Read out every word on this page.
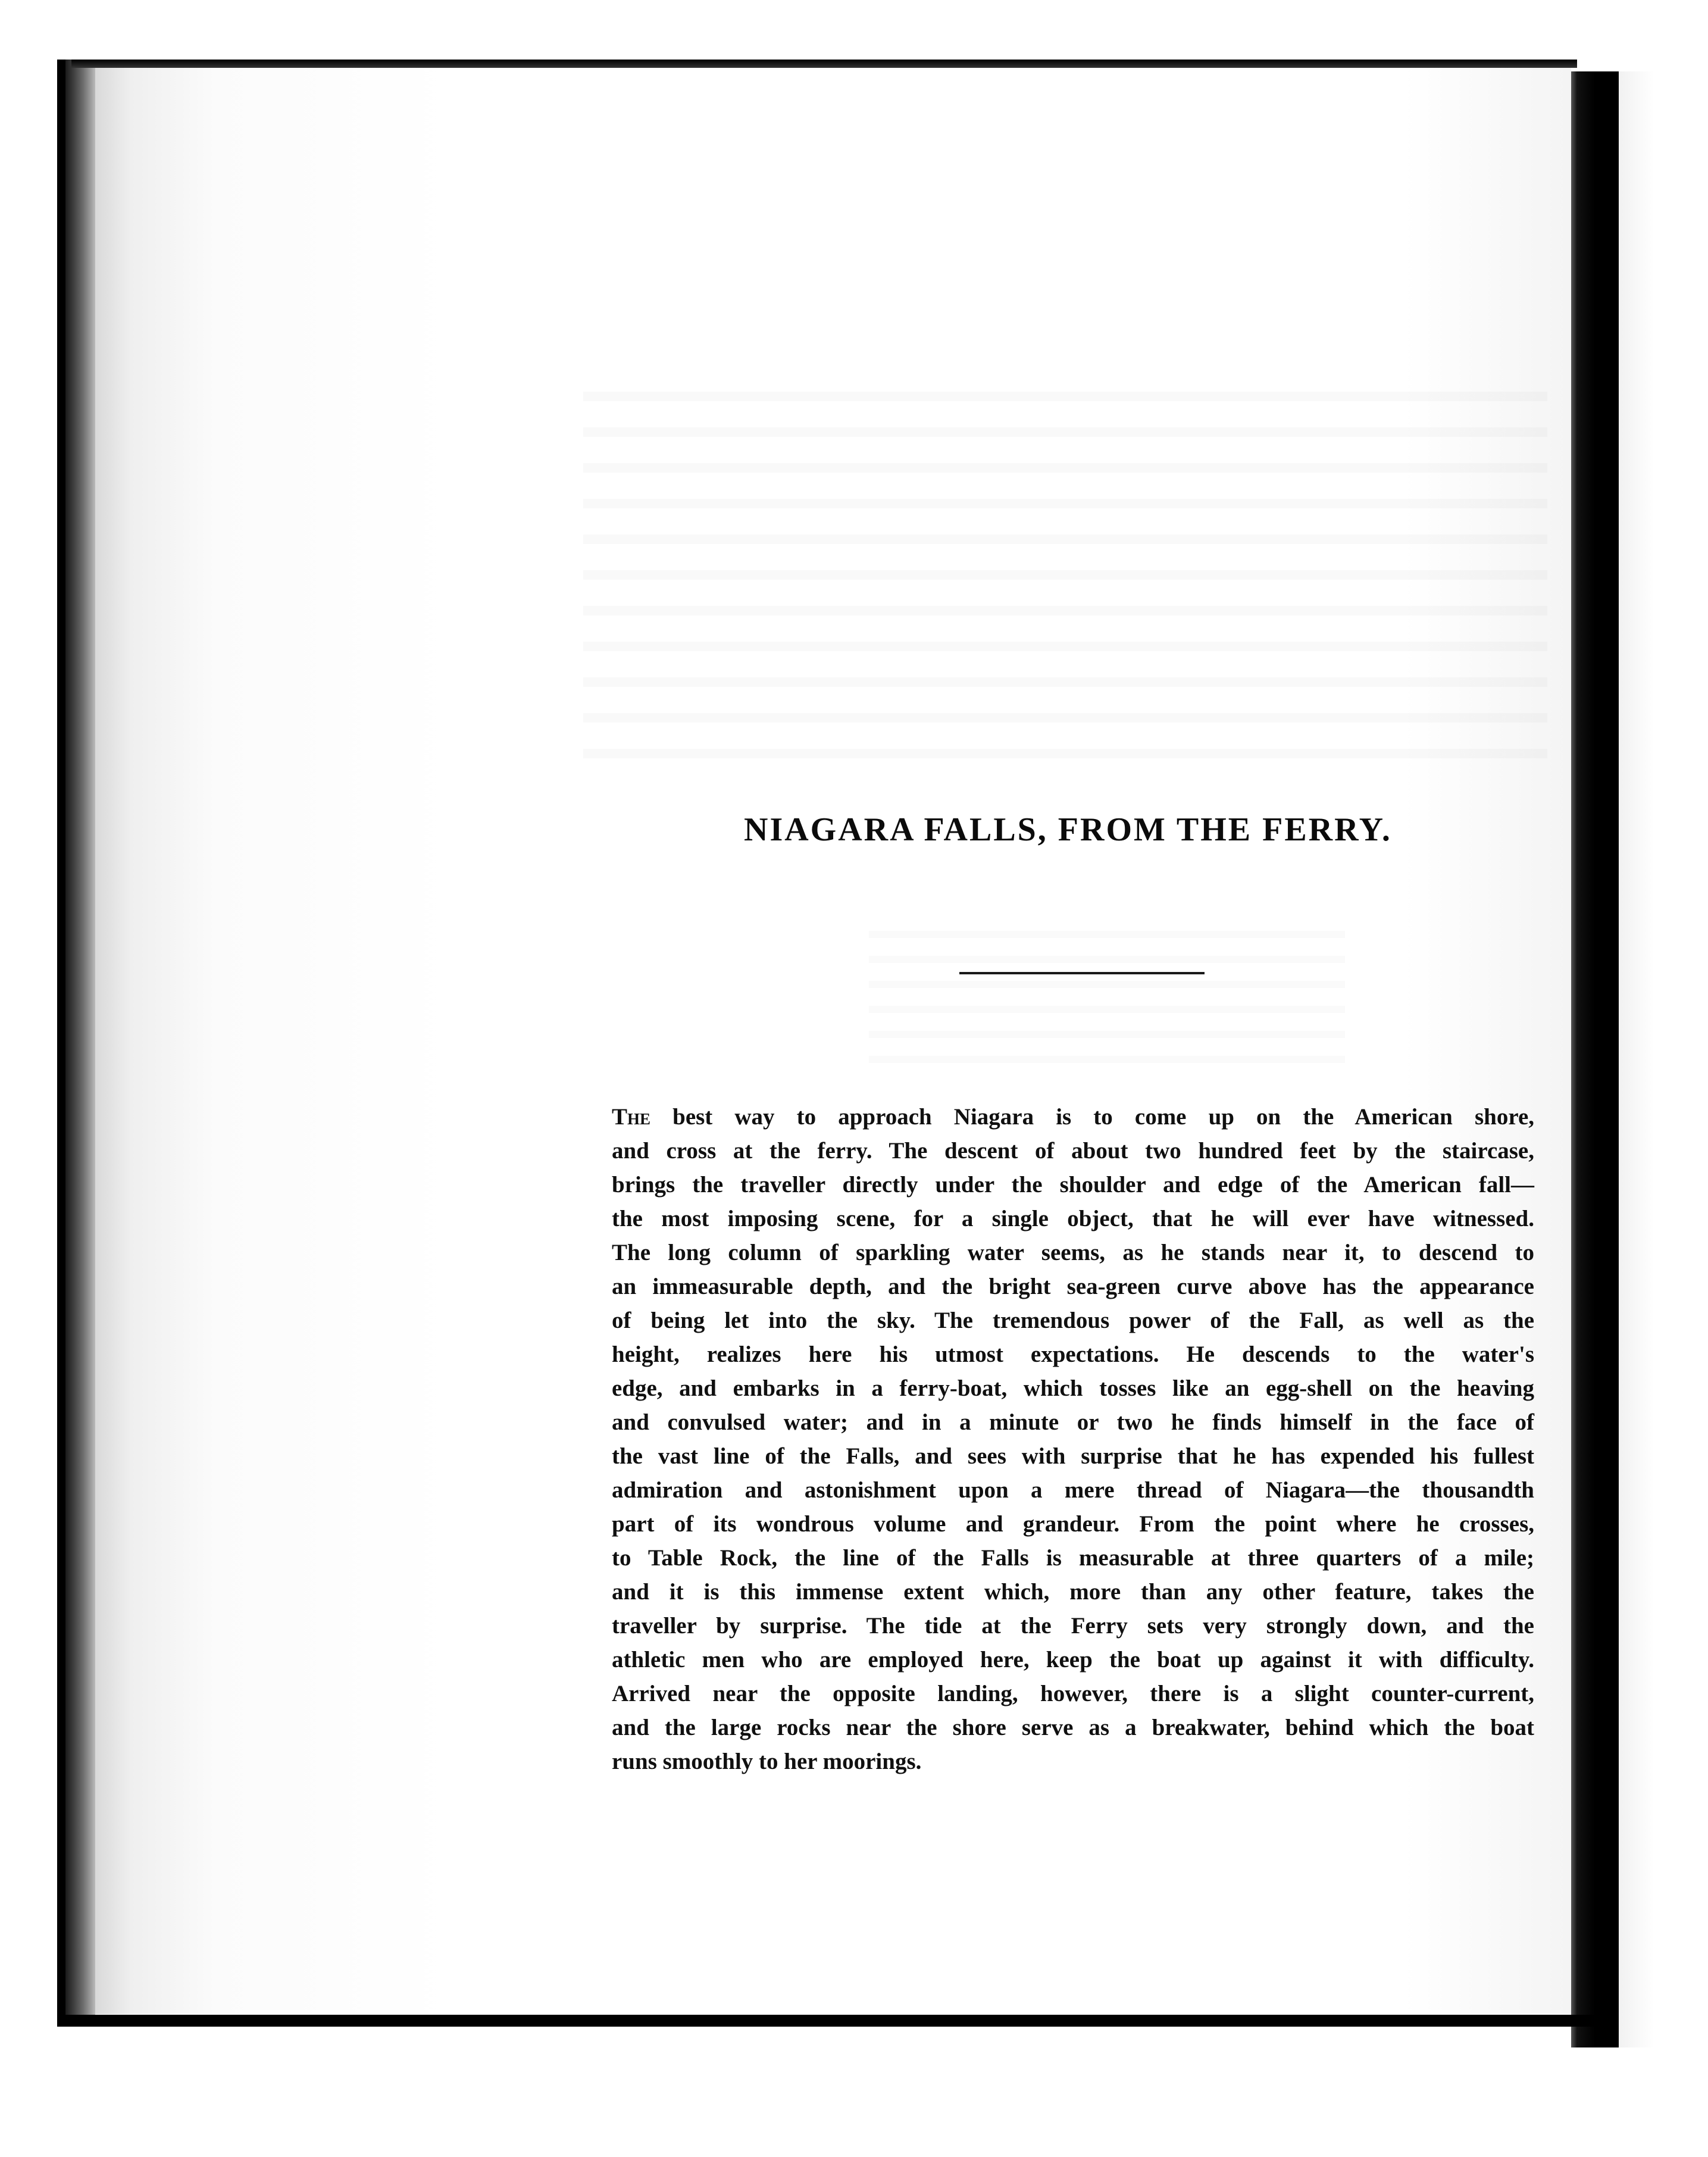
NIAGARA FALLS, FROM THE FERRY.

The best way to approach Niagara is to come up on the American shore,
and cross at the ferry. The descent of about two hundred feet by the staircase,
brings the traveller directly under the shoulder and edge of the American fall—
the most imposing scene, for a single object, that he will ever have witnessed.
The long column of sparkling water seems, as he stands near it, to descend to
an immeasurable depth, and the bright sea-green curve above has the appearance
of being let into the sky. The tremendous power of the Fall, as well as the
height, realizes here his utmost expectations. He descends to the water's
edge, and embarks in a ferry-boat, which tosses like an egg-shell on the heaving
and convulsed water; and in a minute or two he finds himself in the face of
the vast line of the Falls, and sees with surprise that he has expended his fullest
admiration and astonishment upon a mere thread of Niagara—the thousandth
part of its wondrous volume and grandeur. From the point where he crosses,
to Table Rock, the line of the Falls is measurable at three quarters of a mile;
and it is this immense extent which, more than any other feature, takes the
traveller by surprise. The tide at the Ferry sets very strongly down, and the
athletic men who are employed here, keep the boat up against it with difficulty.
Arrived near the opposite landing, however, there is a slight counter-current,
and the large rocks near the shore serve as a breakwater, behind which the boat
runs smoothly to her moorings.
